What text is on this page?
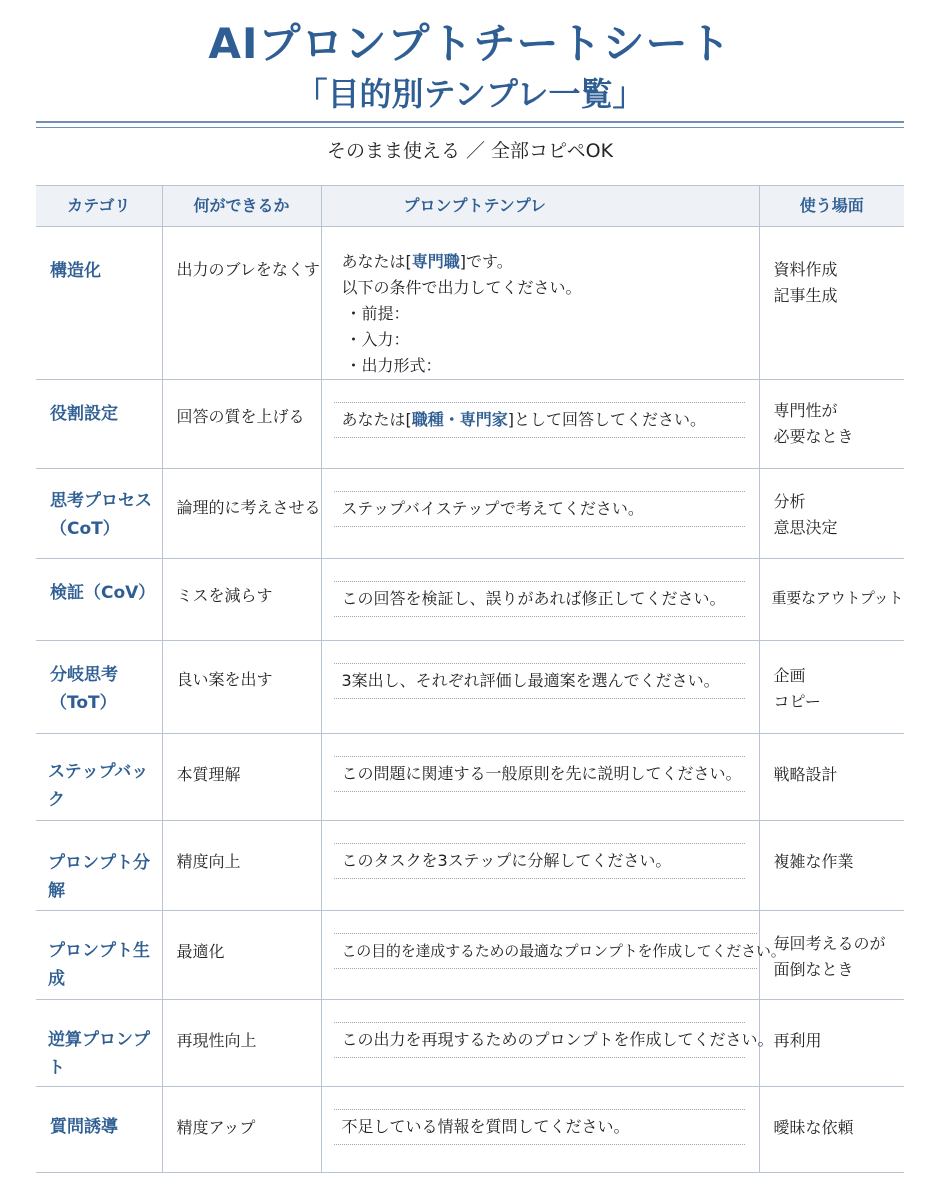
AIプロンプトチートシート
「目的別テンプレ一覧」
そのまま使える ／ 全部コピペOK
カテゴリ	何ができるか	プロンプトテンプレ	使う場面
構造化	出力のブレをなくす	あなたは[専門職]です。
以下の条件で出力してください。
・前提：
・入力：
・出力形式：	資料作成
記事生成

役割設定	回答の質を上げる	あなたは[職種・専門家]として回答してください。	専門性が
必要なとき

思考プロセス
（CoT）	論理的に考えさせる	ステップバイステップで考えてください。	分析
意思決定

検証（CoV）	ミスを減らす	この回答を検証し、誤りがあれば修正してください。	重要なアウトプット

分岐思考
（ToT）	良い案を出す	3案出し、それぞれ評価し最適案を選んでください。	企画
コピー

ステップバック	本質理解	この問題に関連する一般原則を先に説明してください。	戦略設計

プロンプト分解	精度向上	このタスクを3ステップに分解してください。	複雑な作業

プロンプト生成	最適化	この目的を達成するための最適なプロンプトを作成してください。	毎回考えるのが
面倒なとき

逆算プロンプト	再現性向上	この出力を再現するためのプロンプトを作成してください。	再利用

質問誘導	精度アップ	不足している情報を質問してください。	曖昧な依頼
